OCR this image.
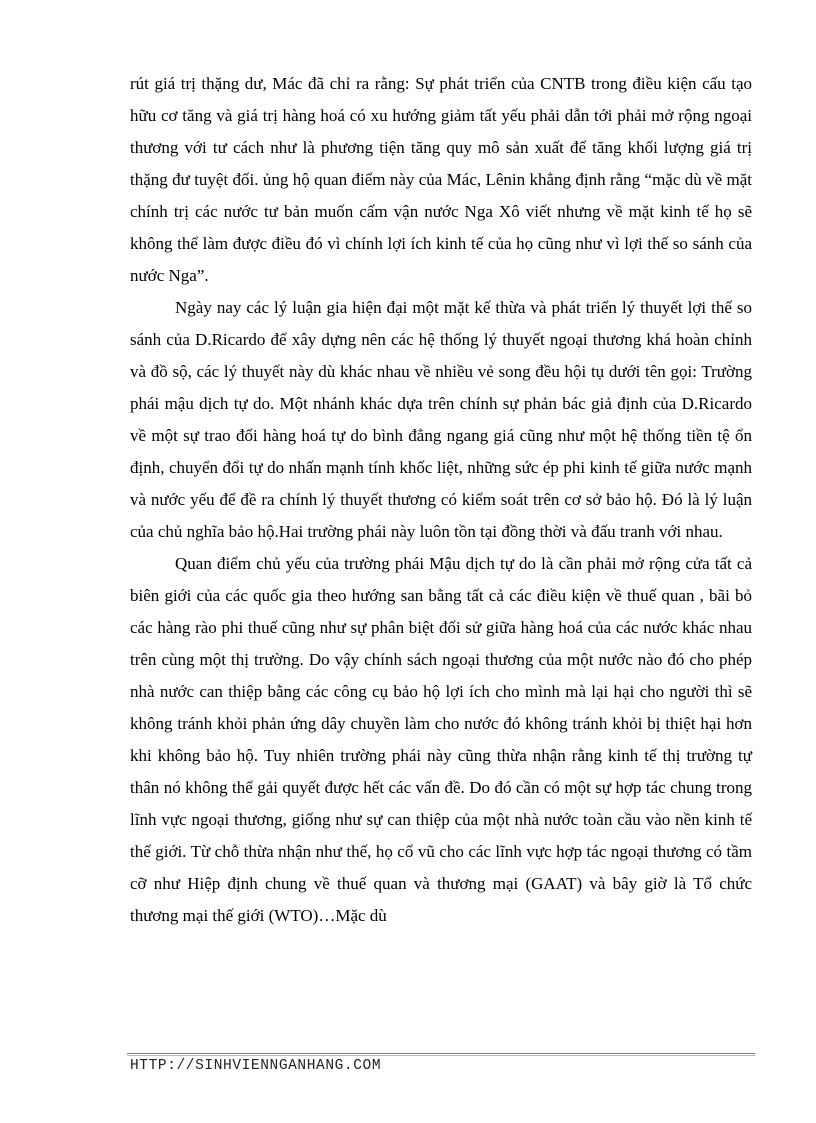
rút giá trị thặng dư, Mác đã chỉ ra rằng: Sự phát triển của CNTB trong điều kiện cấu tạo hữu cơ tăng và giá trị hàng hoá có xu hướng giảm tất yếu phải dẫn tới phải mở rộng ngoại thương với tư cách như là phương tiện tăng quy mô sản xuất để tăng khối lượng giá trị thặng đư tuyệt đối. ủng hộ quan điểm này của Mác, Lênin khẳng định rằng “mặc dù về mặt chính trị các nước tư bản muốn cấm vận nước Nga Xô viết nhưng về mặt kinh tế họ sẽ không thể làm được điều đó vì chính lợi ích kinh tế của họ cũng như vì lợi thế so sánh của nước Nga”.

Ngày nay các lý luận gia hiện đại một mặt kế thừa và phát triển lý thuyết lợi thế so sánh của D.Ricardo để xây dựng nên các hệ thống lý thuyết ngoại thương khá hoàn chỉnh và đồ sộ, các lý thuyết này dù khác nhau về nhiều vẻ song đều hội tụ dưới tên gọi: Trường phái mậu dịch tự do. Một nhánh khác dựa trên chính sự phản bác giả định của D.Ricardo về một sự trao đổi hàng hoá tự do bình đẳng ngang giá cũng như một hệ thống tiền tệ ổn định, chuyển đổi tự do nhấn mạnh tính khốc liệt, những sức ép phi kinh tế giữa nước mạnh và nước yếu để đề ra chính lý thuyết thương có kiểm soát trên cơ sở bảo hộ. Đó là lý luận của chủ nghĩa bảo hộ.Hai trường phái này luôn tồn tại đồng thời và đấu tranh với nhau.

Quan điểm chủ yếu của trường phái Mậu dịch tự do là cần phải mở rộng cửa tất cả biên giới của các quốc gia theo hướng san bằng tất cả các điều kiện về thuế quan , bãi bỏ các hàng rào phi thuế cũng như sự phân biệt đối sử giữa hàng hoá của các nước khác nhau trên cùng một thị trường. Do vậy chính sách ngoại thương của một nước nào đó cho phép nhà nước can thiệp bằng các công cụ bảo hộ lợi ích cho mình mà lại hại cho người thì sẽ không tránh khỏi phản ứng dây chuyền làm cho nước đó không tránh khỏi bị thiệt hại hơn khi không bảo hộ. Tuy nhiên trường phái này cũng thừa nhận rằng kinh tế thị trường tự thân nó không thể gải quyết được hết các vấn đề. Do đó cần có một sự hợp tác chung trong lĩnh vực ngoại thương, giống như sự can thiệp của một nhà nước toàn cầu vào nền kinh tế thế giới. Từ chỗ thừa nhận như thế, họ cổ vũ cho các lĩnh vực hợp tác ngoại thương có tầm cỡ như Hiệp định chung về thuế quan và thương mại (GAAT) và bây giờ là Tổ chức thương mại thế giới (WTO)…Mặc dù

HTTP://SINHVIENNGANHANG.COM
